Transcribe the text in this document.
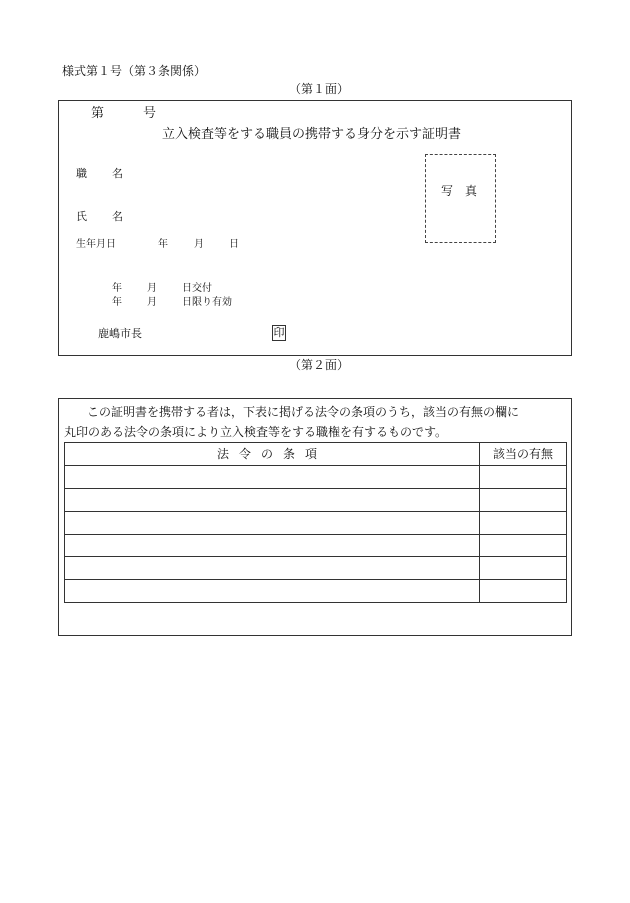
様式第１号（第３条関係）
（第１面）
第	号
立入検査等をする職員の携帯する身分を示す証明書
職 名
氏 名
生年月日	年	月	日
写　真
年	月	日交付
年	月	日限り有効
鹿嶋市長	印
（第２面）
この証明書を携帯する者は，下表に掲げる法令の条項のうち，該当の有無の欄に
丸印のある法令の条項により立入検査等をする職権を有するものです。
法令の条項	該当の有無
